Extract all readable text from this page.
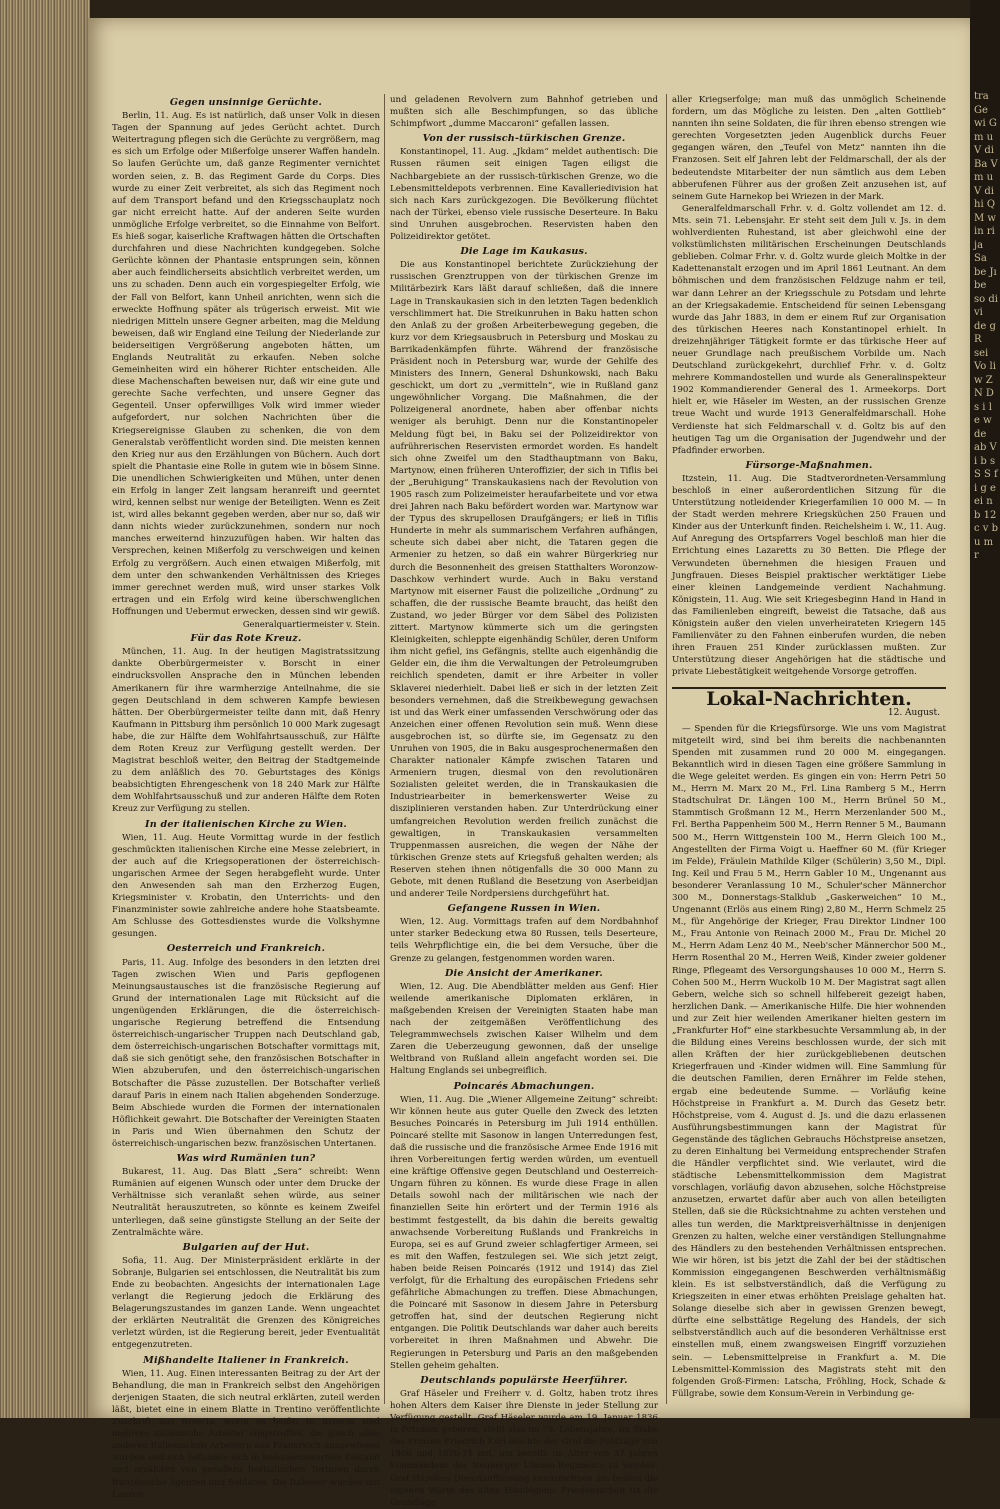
tra Ge wi G m u V di Ba V m u V di hi Q M w in ri ja Sa be Jı be so di vi de g R sei Vo li w Z N D s i l e w de ab V i b s S S f i g e ei n b 12 c v b u m r
Gegen unsinnige Gerüchte.

Berlin, 11. Aug. Es ist natürlich, daß unser Volk in diesen Tagen der Spannung auf jedes Gerücht achtet. Durch Weitertragung pflegen sich die Gerüchte zu vergrößern, mag es sich um Erfolge oder Mißerfolge unserer Waffen handeln. So laufen Gerüchte um, daß ganze Regimenter vernichtet worden seien, z. B. das Regiment Garde du Corps. Dies wurde zu einer Zeit verbreitet, als sich das Regiment noch auf dem Transport befand und den Kriegsschauplatz noch gar nicht erreicht hatte. Auf der anderen Seite wurden unmögliche Erfolge verbreitet, so die Einnahme von Belfort. Es hieß sogar, kaiserliche Kraftwagen hätten die Ortschaften durchfahren und diese Nachrichten kundgegeben. Solche Gerüchte können der Phantasie entsprungen sein, können aber auch feindlicherseits absichtlich verbreitet werden, um uns zu schaden. Denn auch ein vorgespiegelter Erfolg, wie der Fall von Belfort, kann Unheil anrichten, wenn sich die erweckte Hoffnung später als trügerisch erweist. Mit wie niedrigen Mitteln unsere Gegner arbeiten, mag die Meldung beweisen, daß wir England eine Teilung der Niederlande zur beiderseitigen Vergrößerung angeboten hätten, um Englands Neutralität zu erkaufen. Neben solche Gemeinheiten wird ein höherer Richter entscheiden. Alle diese Machenschaften beweisen nur, daß wir eine gute und gerechte Sache verfechten, und unsere Gegner das Gegenteil. Unser opferwilliges Volk wird immer wieder aufgefordert, nur solchen Nachrichten über die Kriegsereignisse Glauben zu schenken, die von dem Generalstab veröffentlicht worden sind. Die meisten kennen den Krieg nur aus den Erzählungen von Büchern. Auch dort spielt die Phantasie eine Rolle in gutem wie in bösem Sinne. Die unendlichen Schwierigkeiten und Mühen, unter denen ein Erfolg in langer Zeit langsam heranreift und geerntet wird, kennen selbst nur wenige der Beteiligten. Wenn es Zeit ist, wird alles bekannt gegeben werden, aber nur so, daß wir dann nichts wieder zurückzunehmen, sondern nur noch manches erweiternd hinzuzufügen haben. Wir halten das Versprechen, keinen Mißerfolg zu verschweigen und keinen Erfolg zu vergrößern. Auch einen etwaigen Mißerfolg, mit dem unter den schwankenden Verhältnissen des Krieges immer gerechnet werden muß, wird unser starkes Volk ertragen und ein Erfolg wird keine überschwenglichen Hoffnungen und Uebermut erwecken, dessen sind wir gewiß.

Generalquartiermeister v. Stein.
Für das Rote Kreuz.

München, 11. Aug. In der heutigen Magistratssitzung dankte Oberbürgermeister v. Borscht in einer eindrucksvollen Ansprache den in München lebenden Amerikanern für ihre warmherzige Anteilnahme, die sie gegen Deutschland in dem schweren Kampfe bewiesen hätten. Der Oberbürgermeister teilte dann mit, daß Henry Kaufmann in Pittsburg ihm persönlich 10 000 Mark zugesagt habe, die zur Hälfte dem Wohlfahrtsausschuß, zur Hälfte dem Roten Kreuz zur Verfügung gestellt werden. Der Magistrat beschloß weiter, den Beitrag der Stadtgemeinde zu dem anläßlich des 70. Geburtstages des Königs beabsichtigten Ehrengeschenk von 18 240 Mark zur Hälfte dem Wohlfahrtsausschuß und zur anderen Hälfte dem Roten Kreuz zur Verfügung zu stellen.

In der italienischen Kirche zu Wien.

Wien, 11. Aug. Heute Vormittag wurde in der festlich geschmückten italienischen Kirche eine Messe zelebriert, in der auch auf die Kriegsoperationen der österreichisch-ungarischen Armee der Segen herabgefleht wurde. Unter den Anwesenden sah man den Erzherzog Eugen, Kriegsminister v. Krobatin, den Unterrichts- und den Finanzminister sowie zahlreiche andere hohe Staatsbeamte. Am Schlusse des Gottesdienstes wurde die Volkshymne gesungen.

Oesterreich und Frankreich.

Paris, 11. Aug. Infolge des besonders in den letzten drei Tagen zwischen Wien und Paris gepflogenen Meinungsaustausches ist die französische Regierung auf Grund der internationalen Lage mit Rücksicht auf die ungenügenden Erklärungen, die die österreichisch-ungarische Regierung betreffend die Entsendung österreichisch-ungarischer Truppen nach Deutschland gab, dem österreichisch-ungarischen Botschafter vormittags mit, daß sie sich genötigt sehe, den französischen Botschafter in Wien abzuberufen, und den österreichisch-ungarischen Botschafter die Pässe zuzustellen. Der Botschafter verließ darauf Paris in einem nach Italien abgehenden Sonderzuge. Beim Abschiede wurden die Formen der internationalen Höflichkeit gewahrt. Die Botschafter der Vereinigten Staaten in Paris und Wien übernahmen den Schutz der österreichisch-ungarischen bezw. französischen Untertanen.

Was wird Rumänien tun?

Bukarest, 11. Aug. Das Blatt „Sera“ schreibt: Wenn Rumänien auf eigenen Wunsch oder unter dem Drucke der Verhältnisse sich veranlaßt sehen würde, aus seiner Neutralität herauszutreten, so könnte es keinem Zweifel unterliegen, daß seine günstigste Stellung an der Seite der Zentralmächte wäre.

Bulgarien auf der Hut.

Sofia, 11. Aug. Der Ministerpräsident erklärte in der Sobranje, Bulgarien sei entschlossen, die Neutralität bis zum Ende zu beobachten. Angesichts der internationalen Lage verlangt die Regierung jedoch die Erklärung des Belagerungszustandes im ganzen Lande. Wenn ungeachtet der erklärten Neutralität die Grenzen des Königreiches verletzt würden, ist die Regierung bereit, jeder Eventualität entgegenzutreten.

Mißhandelte Italiener in Frankreich.

Wien, 11. Aug. Einen interessanten Beitrag zu der Art der Behandlung, die man in Frankreich selbst den Angehörigen derjenigen Staaten, die sich neutral erklärten, zuteil werden läßt, bietet eine in einem Blatte in Trentino veröffentlichte Zuschrift aus Brescia, worin es heißt: In Brescia sind mehrere italienische Arbeiter eingetroffen, die gleich allen anderen italienischen Arbeitern aus Frankreich ausgewiesen wurden und sich befanden sich in bedauernswertem Zustand und erzählten von geradezu bestialischen Torturen durch französische Agenten und Soldaten. Die Italiener wurden mit Lanzen

und geladenen Revolvern zum Bahnhof getrieben und mußten sich alle Beschimpfungen, so das übliche Schimpfwort „dumme Maccaroni“ gefallen lassen.

Von der russisch-türkischen Grenze.

Konstantinopel, 11. Aug. „Jkdam“ meldet authentisch: Die Russen räumen seit einigen Tagen eiligst die Nachbargebiete an der russisch-türkischen Grenze, wo die Lebensmitteldepots verbrennen. Eine Kavalleriedivision hat sich nach Kars zurückgezogen. Die Bevölkerung flüchtet nach der Türkei, ebenso viele russische Deserteure. In Baku sind Unruhen ausgebrochen. Reservisten haben den Polizeidirektor getötet.

Die Lage im Kaukasus.

Die aus Konstantinopel berichtete Zurückziehung der russischen Grenztruppen von der türkischen Grenze im Militärbezirk Kars läßt darauf schließen, daß die innere Lage in Transkaukasien sich in den letzten Tagen bedenklich verschlimmert hat. Die Streikunruhen in Baku hatten schon den Anlaß zu der großen Arbeiterbewegung gegeben, die kurz vor dem Kriegsausbruch in Petersburg und Moskau zu Barrikadenkämpfen führte. Während der französische Präsident noch in Petersburg war, wurde der Gehilfe des Ministers des Innern, General Dshunkowski, nach Baku geschickt, um dort zu „vermitteln“, wie in Rußland ganz ungewöhnlicher Vorgang. Die Maßnahmen, die der Polizeigeneral anordnete, haben aber offenbar nichts weniger als beruhigt. Denn nur die Konstantinopeler Meldung fügt bei, in Baku sei der Polizeidirektor von aufrührerischen Reservisten ermordet worden. Es handelt sich ohne Zweifel um den Stadthauptmann von Baku, Martynow, einen früheren Unteroffizier, der sich in Tiflis bei der „Beruhigung“ Transkaukasiens nach der Revolution von 1905 rasch zum Polizeimeister heraufarbeitete und vor etwa drei Jahren nach Baku befördert worden war. Martynow war der Typus des skrupellosen Draufgängers; er ließ in Tiflis Hunderte in mehr als summarischem Verfahren aufhängen, scheute sich dabei aber nicht, die Tataren gegen die Armenier zu hetzen, so daß ein wahrer Bürgerkrieg nur durch die Besonnenheit des greisen Statthalters Woronzow-Daschkow verhindert wurde. Auch in Baku verstand Martynow mit eiserner Faust die polizeiliche „Ordnung“ zu schaffen, die der russische Beamte braucht, das heißt den Zustand, wo jeder Bürger vor dem Säbel des Polizisten zittert. Martynow kümmerte sich um die geringsten Kleinigkeiten, schleppte eigenhändig Schüler, deren Uniform ihm nicht gefiel, ins Gefängnis, stellte auch eigenhändig die Gelder ein, die ihm die Verwaltungen der Petroleumgruben reichlich spendeten, damit er ihre Arbeiter in voller Sklaverei niederhielt. Dabei ließ er sich in der letzten Zeit besonders vernehmen, daß die Streikbewegung gewachsen ist und das Werk einer umfassenden Verschwörung oder das Anzeichen einer offenen Revolution sein muß. Wenn diese ausgebrochen ist, so dürfte sie, im Gegensatz zu den Unruhen von 1905, die in Baku ausgesprochenermaßen den Charakter nationaler Kämpfe zwischen Tataren und Armeniern trugen, diesmal von den revolutionären Sozialisten geleitet werden, die in Transkaukasien die Industriearbeiter in bemerkenswerter Weise zu disziplinieren verstanden haben. Zur Unterdrückung einer umfangreichen Revolution werden freilich zunächst die gewaltigen, in Transkaukasien versammelten Truppenmassen ausreichen, die wegen der Nähe der türkischen Grenze stets auf Kriegsfuß gehalten werden; als Reserven stehen ihnen nötigenfalls die 30 000 Mann zu Gebote, mit denen Rußland die Besetzung von Aserbeidjan und anderer Teile Nordpersiens durchgeführt hat.

Gefangene Russen in Wien.

Wien, 12. Aug. Vormittags trafen auf dem Nordbahnhof unter starker Bedeckung etwa 80 Russen, teils Deserteure, teils Wehrpflichtige ein, die bei dem Versuche, über die Grenze zu gelangen, festgenommen worden waren.

Die Ansicht der Amerikaner.

Wien, 12. Aug. Die Abendblätter melden aus Genf: Hier weilende amerikanische Diplomaten erklären, in maßgebenden Kreisen der Vereinigten Staaten habe man nach der zeitgemäßen Veröffentlichung des Telegrammwechsels zwischen Kaiser Wilhelm und dem Zaren die Ueberzeugung gewonnen, daß der unselige Weltbrand von Rußland allein angefacht worden sei. Die Haltung Englands sei unbegreiflich.

Poincarés Abmachungen.

Wien, 11. Aug. Die „Wiener Allgemeine Zeitung“ schreibt: Wir können heute aus guter Quelle den Zweck des letzten Besuches Poincarés in Petersburg im Juli 1914 enthüllen. Poincaré stellte mit Sasonow in langen Unterredungen fest, daß die russische und die französische Armee Ende 1916 mit ihren Vorbereitungen fertig werden würden, um eventuell eine kräftige Offensive gegen Deutschland und Oesterreich-Ungarn führen zu können. Es wurde diese Frage in allen Details sowohl nach der militärischen wie nach der finanziellen Seite hin erörtert und der Termin 1916 als bestimmt festgestellt, da bis dahin die bereits gewaltig anwachsende Vorbereitung Rußlands und Frankreichs in Europa, sei es auf Grund zweier schlagfertiger Armeen, sei es mit den Waffen, festzulegen sei. Wie sich jetzt zeigt, haben beide Reisen Poincarés (1912 und 1914) das Ziel verfolgt, für die Erhaltung des europäischen Friedens sehr gefährliche Abmachungen zu treffen. Diese Abmachungen, die Poincaré mit Sasonow in diesem Jahre in Petersburg getroffen hat, sind der deutschen Regierung nicht entgangen. Die Politik Deutschlands war daher auch bereits vorbereitet in ihren Maßnahmen und Abwehr. Die Regierungen in Petersburg und Paris an den maßgebenden Stellen geheim gehalten.

Deutschlands populärste Heerführer.

Graf Häseler und Freiherr v. d. Goltz, haben trotz ihres hohen Alters dem Kaiser ihre Dienste in jeder Stellung zur Verfügung gestellt. Graf Häseler wurde am 19. Januar 1836 in Potsdam geboren, steht also im 79. Lebensjahre. Im Stabe des Prinzen Friedrich Karl machte der Graf die Feldzüge von 1866 und 1870-71 mit, um bereits im Alter von 37 Jahren Kommandeur des Neuberger Ulanen-Regiments zu werden. Graf Häselers Dienstauffassung kennzeichnen am besten die eigenen Worte des alten Haudegens: Friedensarbeit ist die Grundlage

aller Kriegserfolge; man muß das unmöglich Scheinende fordern, um das Mögliche zu leisten. Den „alten Gottlieb“ nannten ihn seine Soldaten, die für ihren ebenso strengen wie gerechten Vorgesetzten jeden Augenblick durchs Feuer gegangen wären, den „Teufel von Metz“ nannten ihn die Franzosen. Seit elf Jahren lebt der Feldmarschall, der als der bedeutendste Mitarbeiter der nun sämtlich aus dem Leben abberufenen Führer aus der großen Zeit anzusehen ist, auf seinem Gute Harnekop bei Wriezen in der Mark.

Generalfeldmarschall Frhr. v. d. Goltz vollendet am 12. d. Mts. sein 71. Lebensjahr. Er steht seit dem Juli v. Js. in dem wohlverdienten Ruhestand, ist aber gleichwohl eine der volkstümlichsten militärischen Erscheinungen Deutschlands geblieben. Colmar Frhr. v. d. Goltz wurde gleich Moltke in der Kadettenanstalt erzogen und im April 1861 Leutnant. An dem böhmischen und dem französischen Feldzuge nahm er teil, war dann Lehrer an der Kriegsschule zu Potsdam und lehrte an der Kriegsakademie. Entscheidend für seinen Lebensgang wurde das Jahr 1883, in dem er einem Ruf zur Organisation des türkischen Heeres nach Konstantinopel erhielt. In dreizehnjähriger Tätigkeit formte er das türkische Heer auf neuer Grundlage nach preußischem Vorbilde um. Nach Deutschland zurückgekehrt, durchlief Frhr. v. d. Goltz mehrere Kommandostellen und wurde als Generalinspekteur 1902 Kommandierender General des 1. Armeekorps. Dort hielt er, wie Häseler im Westen, an der russischen Grenze treue Wacht und wurde 1913 Generalfeldmarschall. Hohe Verdienste hat sich Feldmarschall v. d. Goltz bis auf den heutigen Tag um die Organisation der Jugendwehr und der Pfadfinder erworben.

Fürsorge-Maßnahmen.

Itzstein, 11. Aug. Die Stadtverordneten-Versammlung beschloß in einer außerordentlichen Sitzung für die Unterstützung notleidender Kriegerfamilien 10 000 M. — In der Stadt werden mehrere Kriegsküchen 250 Frauen und Kinder aus der Unterkunft finden. Reichelsheim i. W., 11. Aug. Auf Anregung des Ortspfarrers Vogel beschloß man hier die Errichtung eines Lazaretts zu 30 Betten. Die Pflege der Verwundeten übernehmen die hiesigen Frauen und Jungfrauen. Dieses Beispiel praktischer werktätiger Liebe einer kleinen Landgemeinde verdient Nachahmung. Königstein, 11. Aug. Wie seit Kriegesbeginn Hand in Hand in das Familienleben eingreift, beweist die Tatsache, daß aus Königstein außer den vielen unverheirateten Kriegern 145 Familienväter zu den Fahnen einberufen wurden, die neben ihren Frauen 251 Kinder zurücklassen mußten. Zur Unterstützung dieser Angehörigen hat die städtische und private Liebestätigkeit weitgehende Vorsorge getroffen.

Lokal-Nachrichten.
12. August.

— Spenden für die Kriegsfürsorge. Wie uns vom Magistrat mitgeteilt wird, sind bei ihm bereits die nachbenannten Spenden mit zusammen rund 20 000 M. eingegangen. Bekanntlich wird in diesen Tagen eine größere Sammlung in die Wege geleitet werden. Es gingen ein von: Herrn Petri 50 M., Herrn M. Marx 20 M., Frl. Lina Ramberg 5 M., Herrn Stadtschulrat Dr. Längen 100 M., Herrn Brünel 50 M., Stammtisch Großmann 12 M., Herrn Merzenlander 500 M., Frl. Bertha Pappenheim 500 M., Herrn Renner 5 M., Baumann 500 M., Herrn Wittgenstein 100 M., Herrn Gleich 100 M., Angestellten der Firma Voigt u. Haeffner 60 M. (für Krieger im Felde), Fräulein Mathilde Kilger (Schülerin) 3,50 M., Dipl. Ing. Keil und Frau 5 M., Herrn Gabler 10 M., Ungenannt aus besonderer Veranlassung 10 M., Schuler'scher Männerchor 300 M., Donnerstags-Stalklub „Gaskerweichen“ 10 M., Ungenannt (Erlös aus einem Ring) 2,80 M., Herrn Schmelz 25 M., für Angehörige der Krieger, Frau Direktor Lindner 100 M., Frau Antonie von Reinach 2000 M., Frau Dr. Michel 20 M., Herrn Adam Lenz 40 M., Neeb'scher Männerchor 500 M., Herrn Rosenthal 20 M., Herren Weiß, Kinder zweier goldener Ringe, Pflegeamt des Versorgungshauses 10 000 M., Herrn S. Cohen 500 M., Herrn Wuckolb 10 M. Der Magistrat sagt allen Gebern, welche sich so schnell hilfebereit gezeigt haben, herzlichen Dank. — Amerikanische Hilfe. Die hier wohnenden und zur Zeit hier weilenden Amerikaner hielten gestern im „Frankfurter Hof“ eine starkbesuchte Versammlung ab, in der die Bildung eines Vereins beschlossen wurde, der sich mit allen Kräften der hier zurückgebliebenen deutschen Kriegerfrauen und -Kinder widmen will. Eine Sammlung für die deutschen Familien, deren Ernährer im Felde stehen, ergab eine bedeutende Summe. — Vorläufig keine Höchstpreise in Frankfurt a. M. Durch das Gesetz betr. Höchstpreise, vom 4. August d. Js. und die dazu erlassenen Ausführungsbestimmungen kann der Magistrat für Gegenstände des täglichen Gebrauchs Höchstpreise ansetzen, zu deren Einhaltung bei Vermeidung entsprechender Strafen die Händler verpflichtet sind. Wie verlautet, wird die städtische Lebensmittelkommission dem Magistrat vorschlagen, vorläufig davon abzusehen, solche Höchstpreise anzusetzen, erwartet dafür aber auch von allen beteiligten Stellen, daß sie die Rücksichtnahme zu achten verstehen und alles tun werden, die Marktpreisverhältnisse in denjenigen Grenzen zu halten, welche einer verständigen Stellungnahme des Händlers zu den bestehenden Verhältnissen entsprechen. Wie wir hören, ist bis jetzt die Zahl der bei der städtischen Kommission eingegangenen Beschwerden verhältnismäßig klein. Es ist selbstverständlich, daß die Verfügung zu Kriegszeiten in einer etwas erhöhten Preislage gehalten hat. Solange dieselbe sich aber in gewissen Grenzen bewegt, dürfte eine selbsttätige Regelung des Handels, der sich selbstverständlich auch auf die besonderen Verhältnisse erst einstellen muß, einem zwangsweisen Eingriff vorzuziehen sein. — Lebensmittelpreise in Frankfurt a. M. Die Lebensmittel-Kommission des Magistrats steht mit den folgenden Groß-Firmen: Latscha, Fröhling, Hock, Schade & Füllgrabe, sowie dem Konsum-Verein in Verbindung ge-
